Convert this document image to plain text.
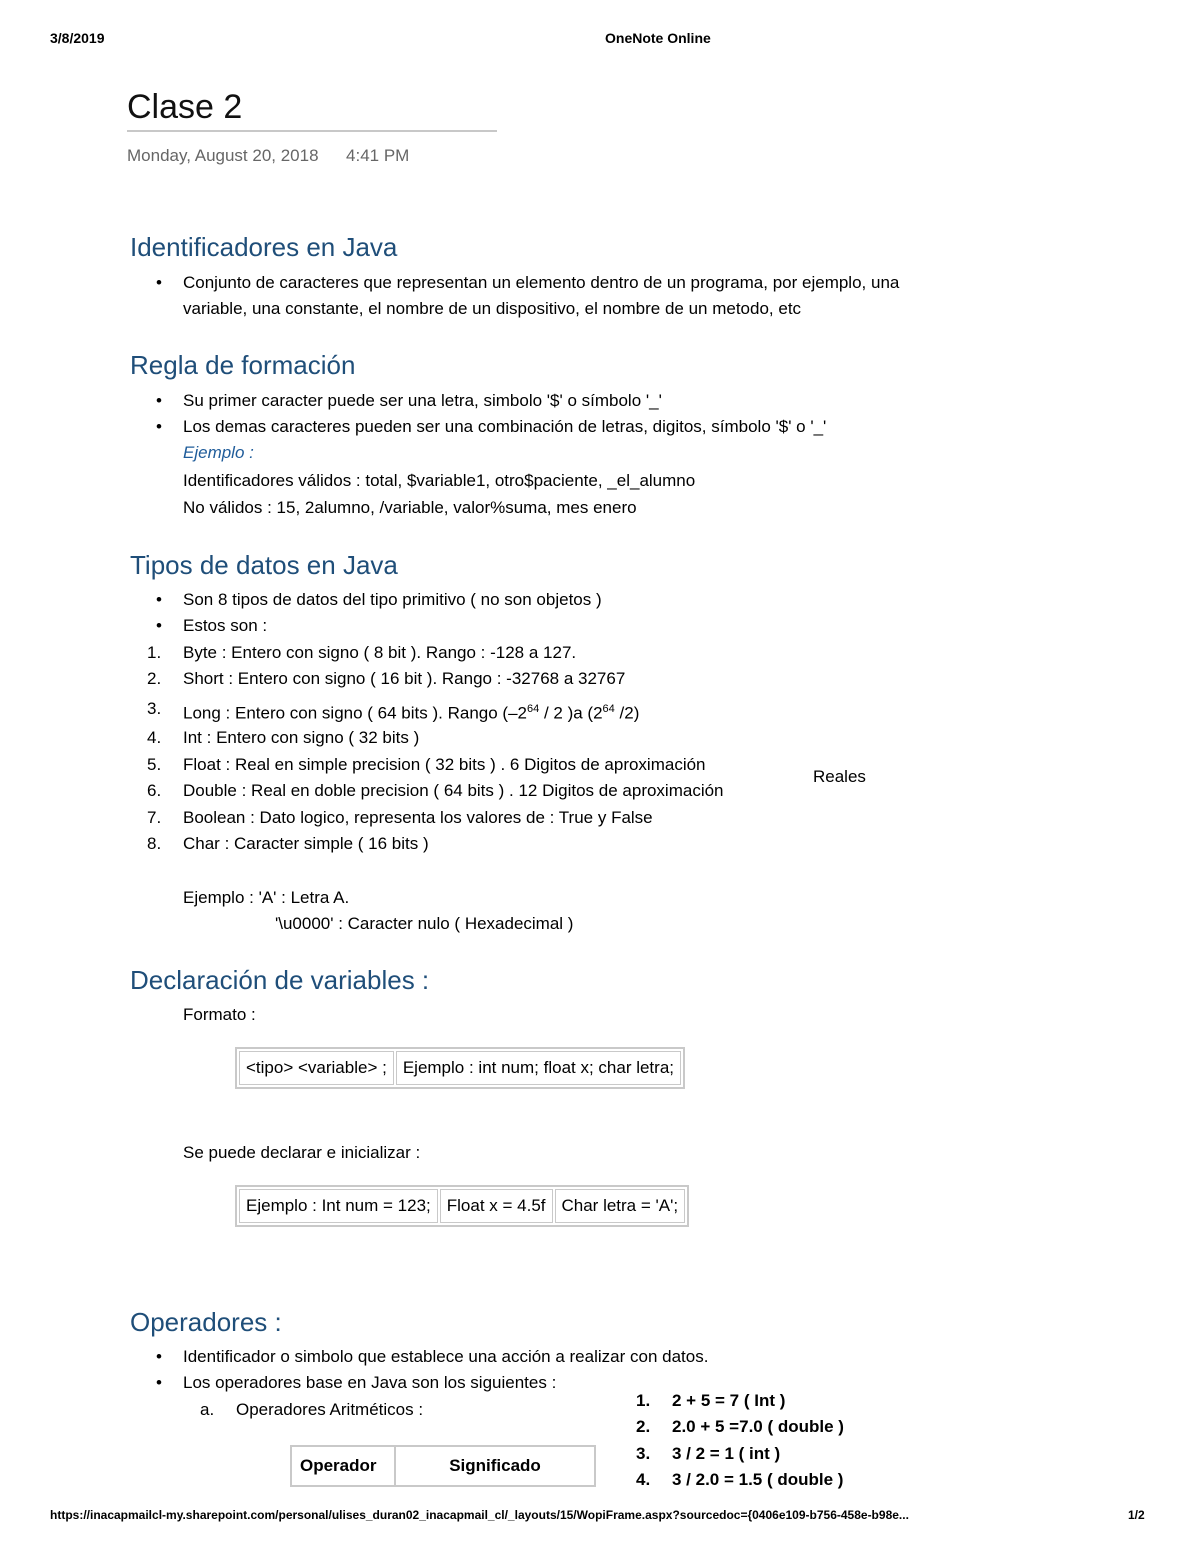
3/8/2019	OneNote Online
Clase 2
Monday, August 20, 2018 4:41 PM
Identificadores en Java
• Conjunto de caracteres que representan un elemento dentro de un programa, por ejemplo, una
variable, una constante, el nombre de un dispositivo, el nombre de un metodo, etc
Regla de formación
• Su primer caracter puede ser una letra, simbolo '$' o símbolo '_'
• Los demas caracteres pueden ser una combinación de letras, digitos, símbolo '$' o '_'
Ejemplo :
Identificadores válidos : total, $variable1, otro$paciente, _el_alumno
No válidos : 15, 2alumno, /variable, valor%suma, mes enero
Tipos de datos en Java
• Son 8 tipos de datos del tipo primitivo ( no son objetos )
• Estos son :
1. Byte : Entero con signo ( 8 bit ). Rango : -128 a 127.
2. Short : Entero con signo ( 16 bit ). Rango : -32768 a 32767
3. Long : Entero con signo ( 64 bits ). Rango ($-2^{64} / 2$ )a ($2^{64}$ /2)
4. Int : Entero con signo ( 32 bits )
5. Float : Real en simple precision ( 32 bits ) . 6 Digitos de aproximación
6. Double : Real en doble precision ( 64 bits ) . 12 Digitos de aproximación
7. Boolean : Dato logico, representa los valores de : True y False
8. Char : Caracter simple ( 16 bits )
Reales
Ejemplo : 'A' : Letra A.
'\u0000' : Caracter nulo ( Hexadecimal )
Declaración de variables :
Formato :
<tipo> <variable> ;	Ejemplo : int num; float x; char letra;
Se puede declarar e inicializar :
Ejemplo : Int num = 123;	Float x = 4.5f	Char letra = 'A';
Operadores :
• Identificador o simbolo que establece una acción a realizar con datos.
• Los operadores base en Java son los siguientes :
a. Operadores Aritméticos :
Operador	Significado
1. 2 + 5 = 7 ( Int )
2. 2.0 + 5 =7.0 ( double )
3. 3 / 2 = 1 ( int )
4. 3 / 2.0 = 1.5 ( double )
https://inacapmailcl-my.sharepoint.com/personal/ulises_duran02_inacapmail_cl/_layouts/15/WopiFrame.aspx?sourcedoc={0406e109-b756-458e-b98e...	1/2
